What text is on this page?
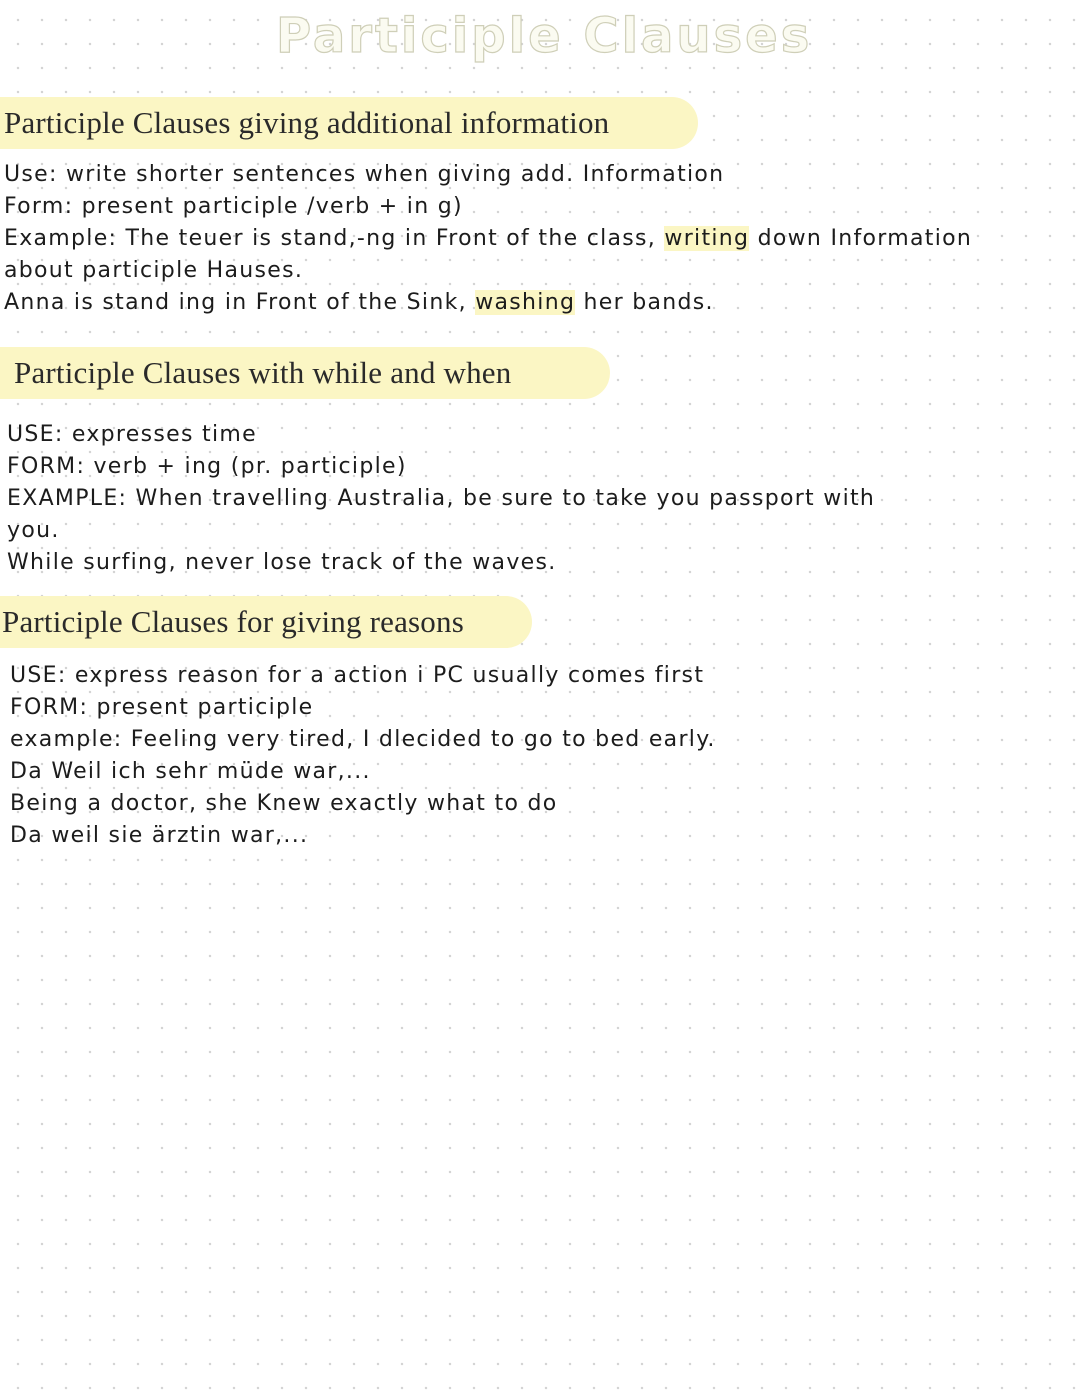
Participle Clauses
Participle Clauses giving additional information
Use: write shorter sentences when giving add. Information
Form: present participle /verb + in g)
Example: The teuer is stand,-ng in Front of the class, writing down Information
about participle Hauses.
Anna is stand ing in Front of the Sink, washing her bands.
Participle Clauses with while and when
USE: expresses time
FORM: verb + ing (pr. participle)
EXAMPLE: When travelling Australia, be sure to take you passport with
you.
While surfing, never lose track of the waves.
Participle Clauses for giving reasons
USE: express reason for a action i PC usually comes first
FORM: present participle
example: Feeling very tired, I dlecided to go to bed early.
Da Weil ich sehr müde war,...
Being a doctor, she Knew exactly what to do
Da weil sie ärztin war,...
